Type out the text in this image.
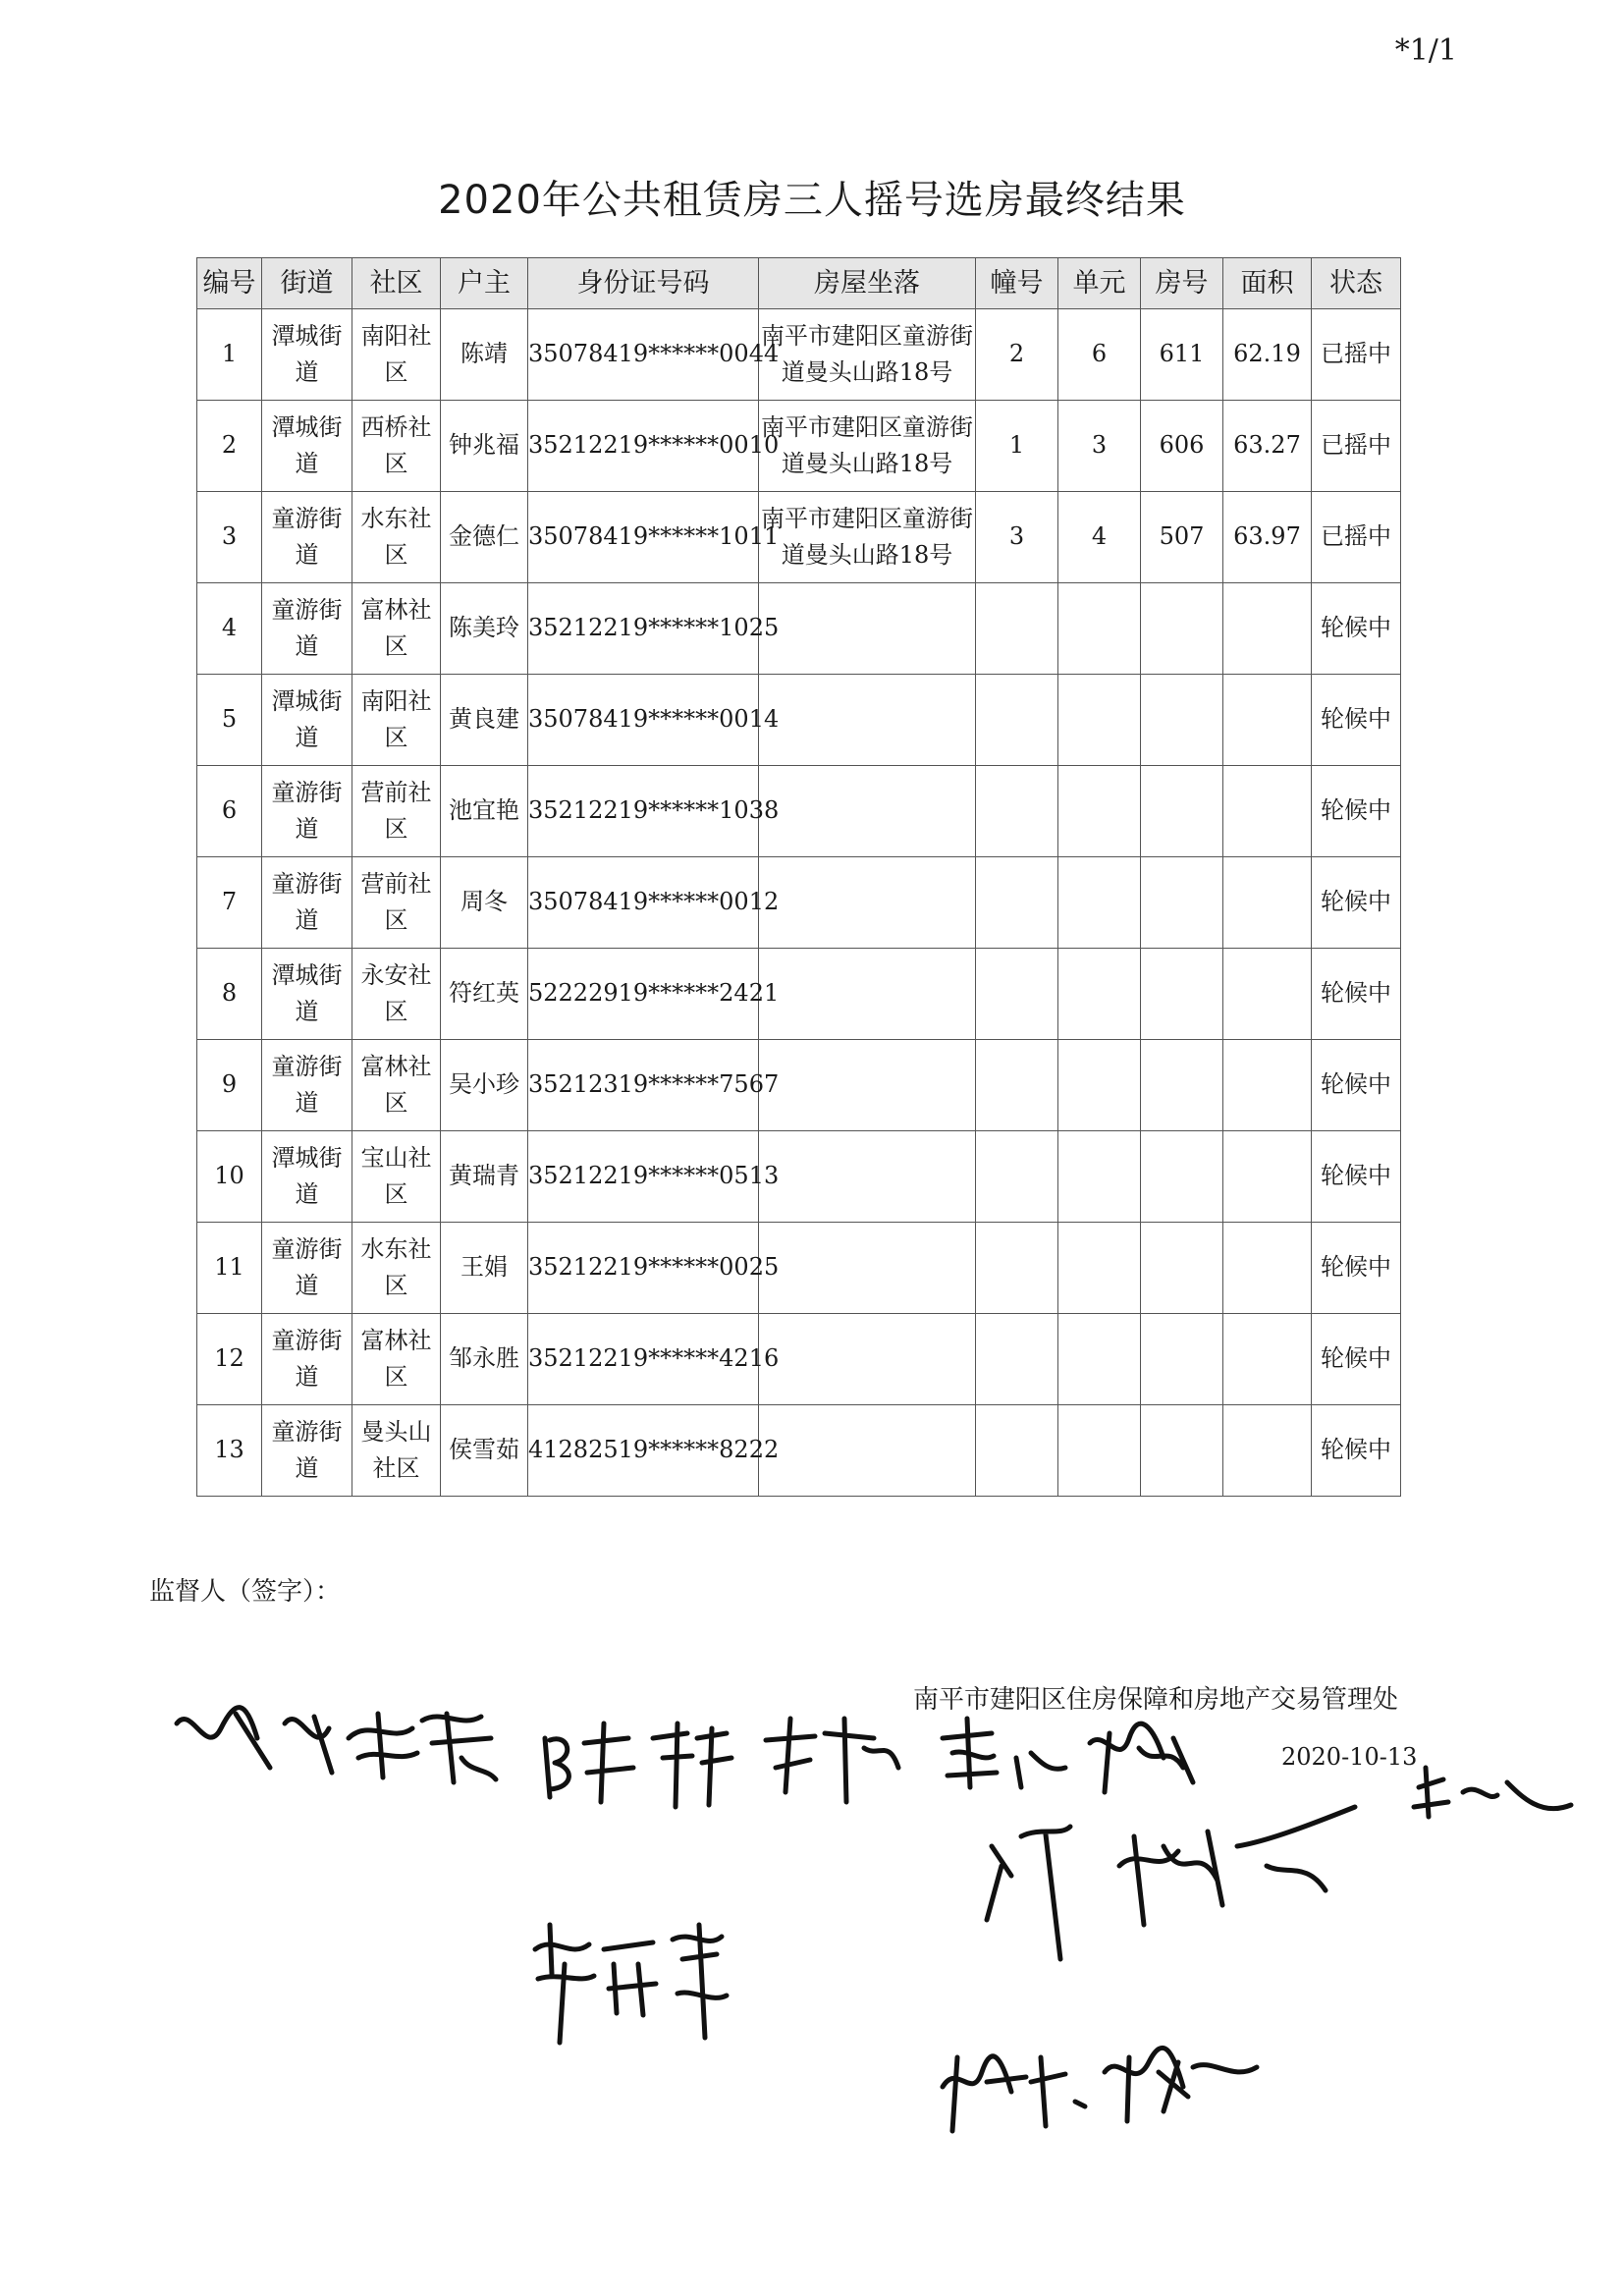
*1/1
2020年公共租赁房三人摇号选房最终结果
编号	街道	社区	户主	身份证号码	房屋坐落	幢号	单元	房号	面积	状态
1	潭城街道	南阳社区	陈靖	35078419******0044	南平市建阳区童游街道曼头山路18号	2	6	611	62.19	已摇中
2	潭城街道	西桥社区	钟兆福	35212219******0010	南平市建阳区童游街道曼头山路18号	1	3	606	63.27	已摇中
3	童游街道	水东社区	金德仁	35078419******1011	南平市建阳区童游街道曼头山路18号	3	4	507	63.97	已摇中
4	童游街道	富林社区	陈美玲	35212219******1025						轮候中
5	潭城街道	南阳社区	黄良建	35078419******0014						轮候中
6	童游街道	营前社区	池宜艳	35212219******1038						轮候中
7	童游街道	营前社区	周冬	35078419******0012						轮候中
8	潭城街道	永安社区	符红英	52222919******2421						轮候中
9	童游街道	富林社区	吴小珍	35212319******7567						轮候中
10	潭城街道	宝山社区	黄瑞青	35212219******0513						轮候中
11	童游街道	水东社区	王娟	35212219******0025						轮候中
12	童游街道	富林社区	邹永胜	35212219******4216						轮候中
13	童游街道	曼头山社区	侯雪茹	41282519******8222						轮候中
监督人（签字）：
南平市建阳区住房保障和房地产交易管理处
2020-10-13
